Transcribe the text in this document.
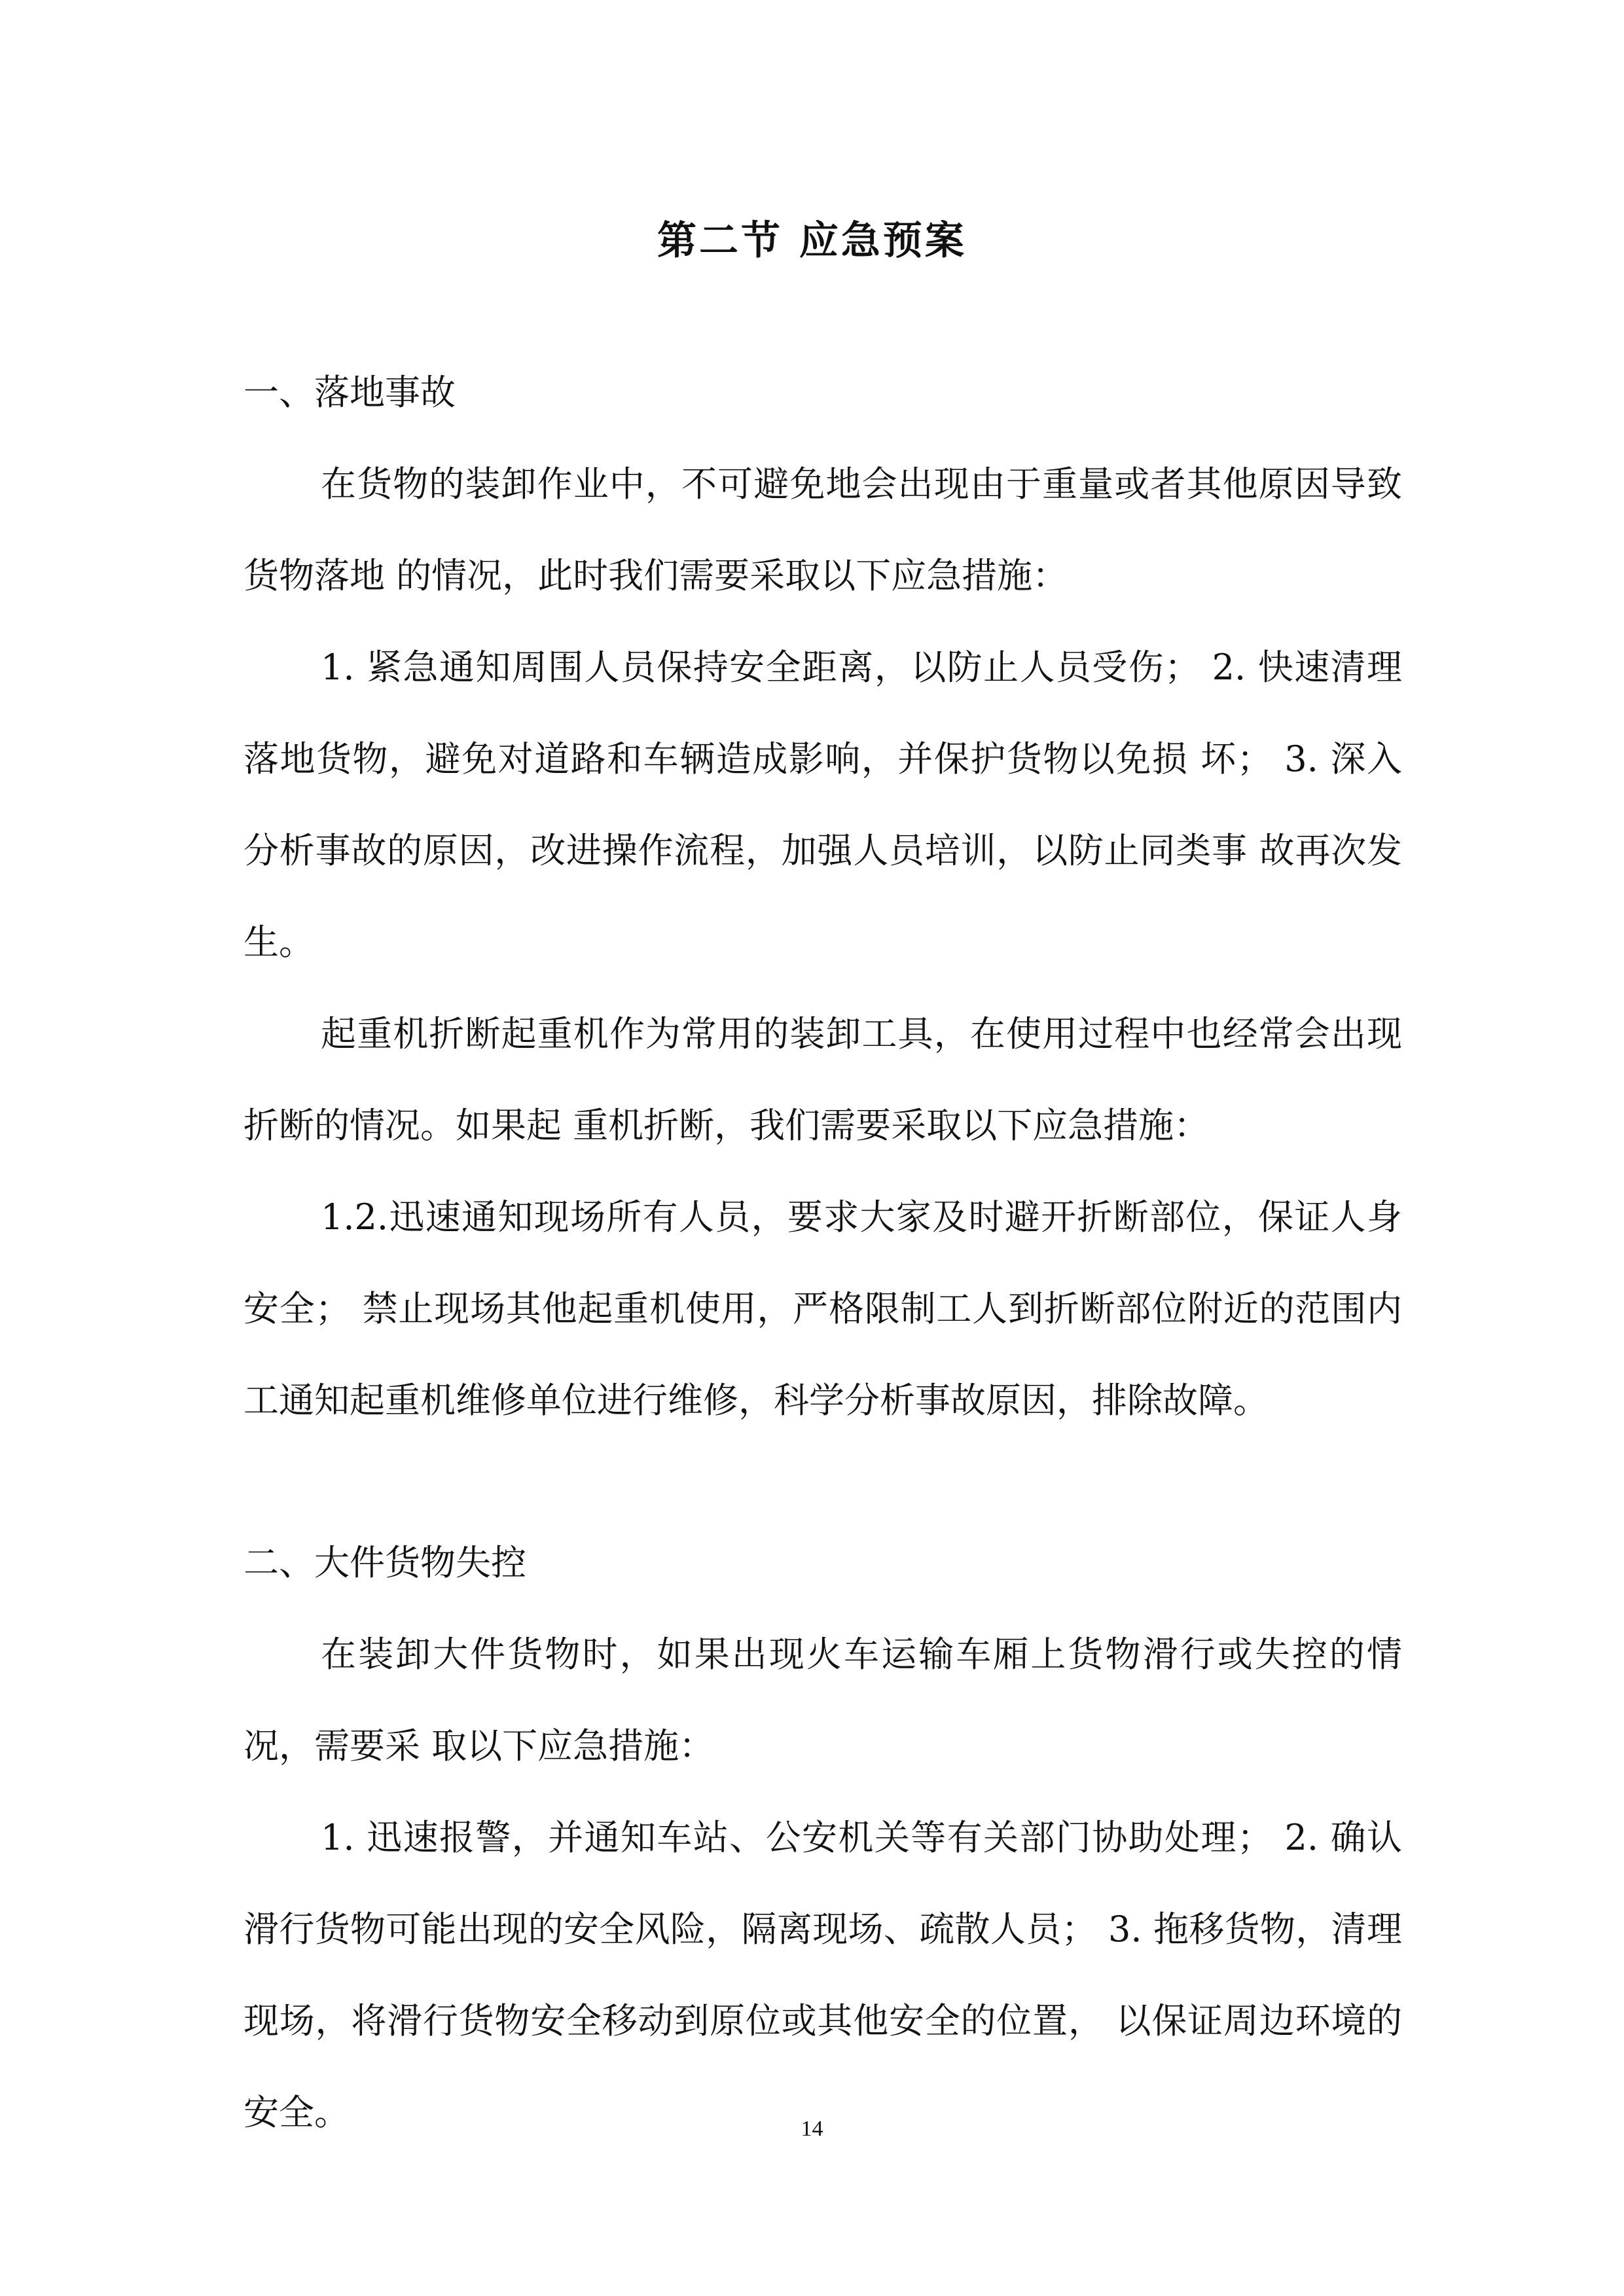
第二节 应急预案

一、落地事故

在货物的装卸作业中，不可避免地会出现由于重量或者其他原因导致货物落地 的情况，此时我们需要采取以下应急措施：

1. 紧急通知周围人员保持安全距离，以防止人员受伤； 2. 快速清理落地货物，避免对道路和车辆造成影响，并保护货物以免损 坏； 3. 深入分析事故的原因，改进操作流程，加强人员培训，以防止同类事 故再次发生。

起重机折断起重机作为常用的装卸工具，在使用过程中也经常会出现折断的情况。如果起 重机折断，我们需要采取以下应急措施：

1.2.迅速通知现场所有人员，要求大家及时避开折断部位，保证人身安全； 禁止现场其他起重机使用，严格限制工人到折断部位附近的范围内工通知起重机维修单位进行维修，科学分析事故原因，排除故障。

二、大件货物失控

在装卸大件货物时，如果出现火车运输车厢上货物滑行或失控的情况，需要采 取以下应急措施：

1. 迅速报警，并通知车站、公安机关等有关部门协助处理； 2. 确认滑行货物可能出现的安全风险，隔离现场、疏散人员； 3. 拖移货物，清理现场，将滑行货物安全移动到原位或其他安全的位置， 以保证周边环境的安全。	14
